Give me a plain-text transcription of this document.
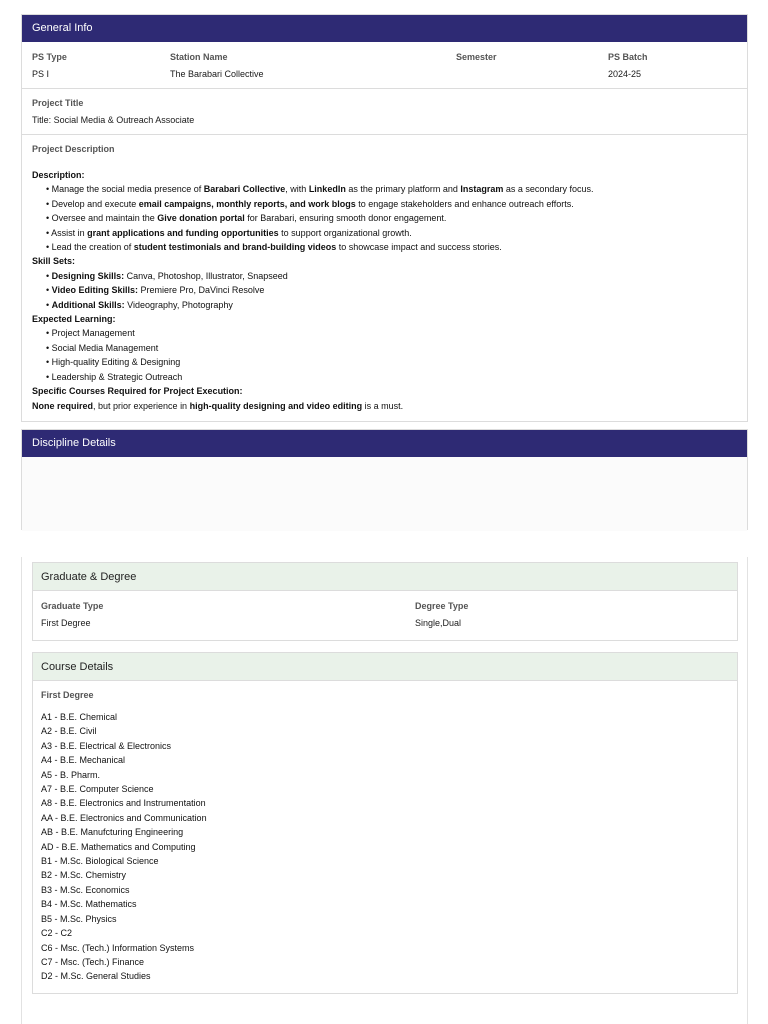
General Info
PS Type
PS I
Station Name
The Barabari Collective
Semester	PS Batch
2024-25
Project Title
Title: Social Media & Outreach Associate
Project Description
Description:
• Manage the social media presence of Barabari Collective, with LinkedIn as the primary platform and Instagram as a secondary focus.
• Develop and execute email campaigns, monthly reports, and work blogs to engage stakeholders and enhance outreach efforts.
• Oversee and maintain the Give donation portal for Barabari, ensuring smooth donor engagement.
• Assist in grant applications and funding opportunities to support organizational growth.
• Lead the creation of student testimonials and brand-building videos to showcase impact and success stories.
Skill Sets:
• Designing Skills: Canva, Photoshop, Illustrator, Snapseed
• Video Editing Skills: Premiere Pro, DaVinci Resolve
• Additional Skills: Videography, Photography
Expected Learning:
• Project Management
• Social Media Management
• High-quality Editing & Designing
• Leadership & Strategic Outreach
Specific Courses Required for Project Execution:
None required, but prior experience in high-quality designing and video editing is a must.
Discipline Details
Graduate & Degree
Graduate Type
First Degree
Degree Type
Single,Dual
Course Details
First Degree
A1 - B.E. Chemical
A2 - B.E. Civil
A3 - B.E. Electrical & Electronics
A4 - B.E. Mechanical
A5 - B. Pharm.
A7 - B.E. Computer Science
A8 - B.E. Electronics and Instrumentation
AA - B.E. Electronics and Communication
AB - B.E. Manufcturing Engineering
AD - B.E. Mathematics and Computing
B1 - M.Sc. Biological Science
B2 - M.Sc. Chemistry
B3 - M.Sc. Economics
B4 - M.Sc. Mathematics
B5 - M.Sc. Physics
C2 - C2
C6 - Msc. (Tech.) Information Systems
C7 - Msc. (Tech.) Finance
D2 - M.Sc. General Studies
